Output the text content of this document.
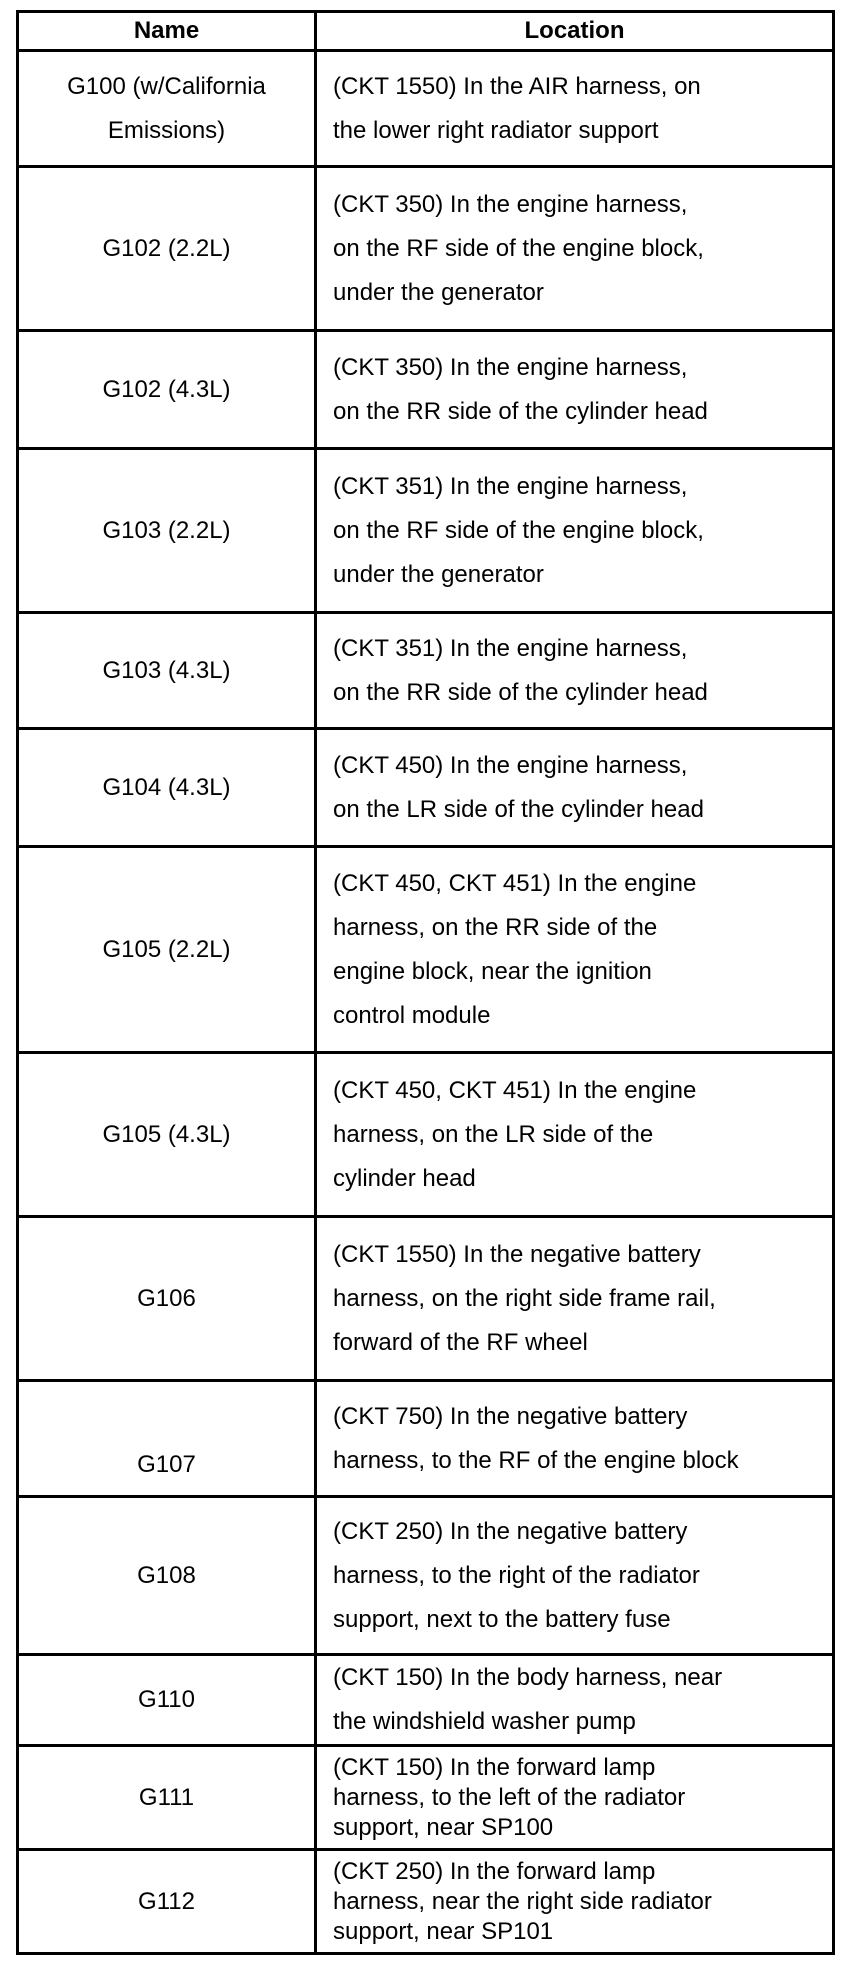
Name	Location

G100 (w/California
Emissions)	(CKT 1550) In the AIR harness, on
the lower right radiator support

G102 (2.2L)	(CKT 350) In the engine harness,
on the RF side of the engine block,
under the generator

G102 (4.3L)	(CKT 350) In the engine harness,
on the RR side of the cylinder head

G103 (2.2L)	(CKT 351) In the engine harness,
on the RF side of the engine block,
under the generator

G103 (4.3L)	(CKT 351) In the engine harness,
on the RR side of the cylinder head

G104 (4.3L)	(CKT 450) In the engine harness,
on the LR side of the cylinder head

G105 (2.2L)	(CKT 450, CKT 451) In the engine
harness, on the RR side of the
engine block, near the ignition
control module

G105 (4.3L)	(CKT 450, CKT 451) In the engine
harness, on the LR side of the
cylinder head

G106	(CKT 1550) In the negative battery
harness, on the right side frame rail,
forward of the RF wheel

G107	(CKT 750) In the negative battery
harness, to the RF of the engine block

G108	(CKT 250) In the negative battery
harness, to the right of the radiator
support, next to the battery fuse

G110	(CKT 150) In the body harness, near
the windshield washer pump

G111	(CKT 150) In the forward lamp
harness, to the left of the radiator
support, near SP100

G112	(CKT 250) In the forward lamp
harness, near the right side radiator
support, near SP101
